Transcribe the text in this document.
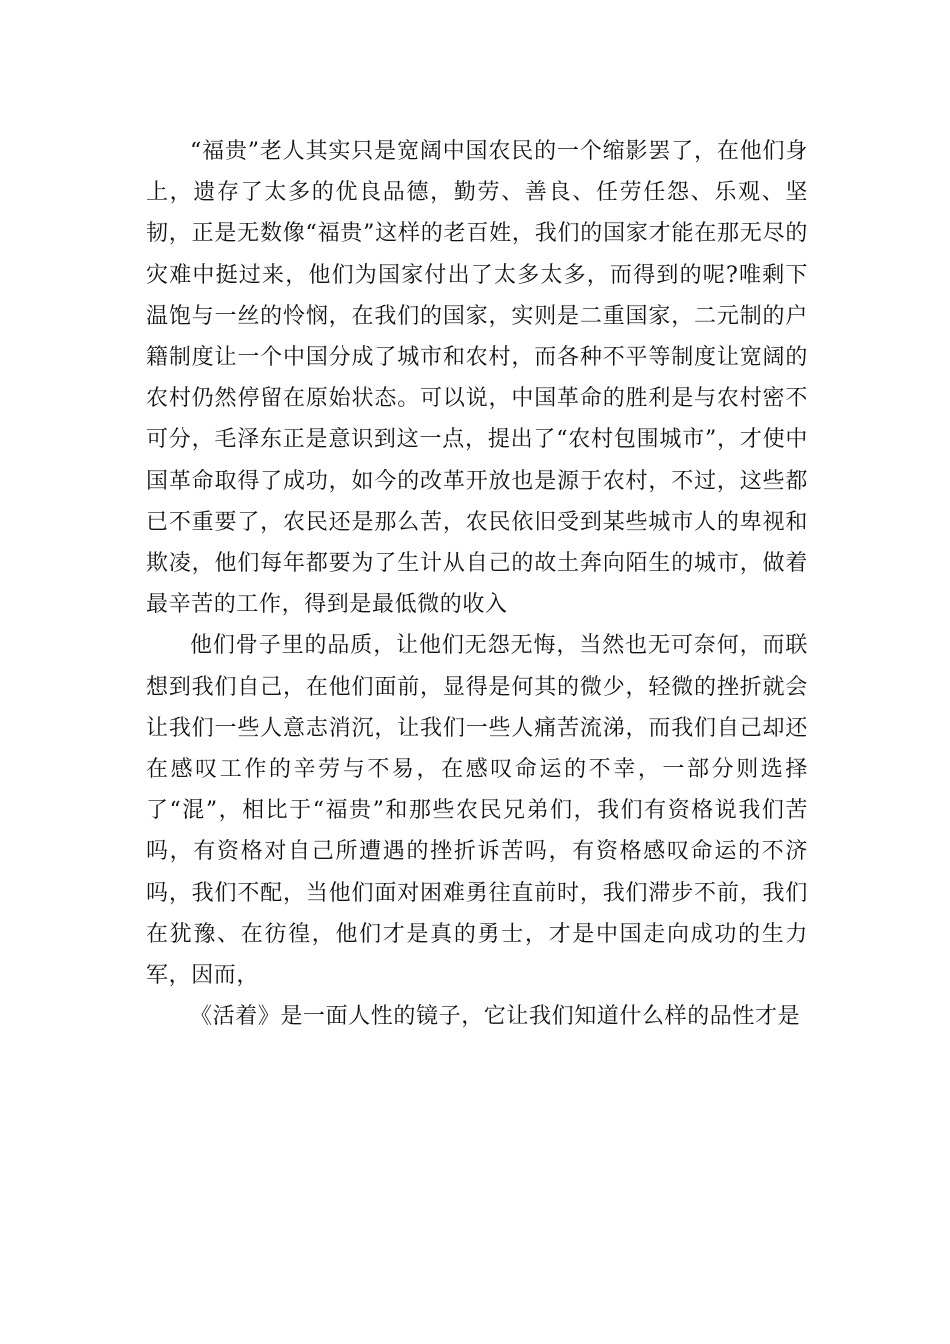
“福贵”老人其实只是宽阔中国农民的一个缩影罢了，在他们身上，遗存了太多的优良品德，勤劳、善良、任劳任怨、乐观、坚韧，正是无数像“福贵”这样的老百姓，我们的国家才能在那无尽的灾难中挺过来，他们为国家付出了太多太多，而得到的呢?唯剩下温饱与一丝的怜悯，在我们的国家，实则是二重国家，二元制的户籍制度让一个中国分成了城市和农村，而各种不平等制度让宽阔的农村仍然停留在原始状态。可以说，中国革命的胜利是与农村密不可分，毛泽东正是意识到这一点，提出了“农村包围城市”，才使中国革命取得了成功，如今的改革开放也是源于农村，不过，这些都已不重要了，农民还是那么苦，农民依旧受到某些城市人的卑视和欺凌，他们每年都要为了生计从自己的故土奔向陌生的城市，做着最辛苦的工作，得到是最低微的收入

他们骨子里的品质，让他们无怨无悔，当然也无可奈何，而联想到我们自己，在他们面前，显得是何其的微少，轻微的挫折就会让我们一些人意志消沉，让我们一些人痛苦流涕，而我们自己却还在感叹工作的辛劳与不易，在感叹命运的不幸，一部分则选择了“混”，相比于“福贵”和那些农民兄弟们，我们有资格说我们苦吗，有资格对自己所遭遇的挫折诉苦吗，有资格感叹命运的不济吗，我们不配，当他们面对困难勇往直前时，我们滞步不前，我们在犹豫、在彷徨，他们才是真的勇士，才是中国走向成功的生力军，因而，

《活着》是一面人性的镜子，它让我们知道什么样的品性才是
